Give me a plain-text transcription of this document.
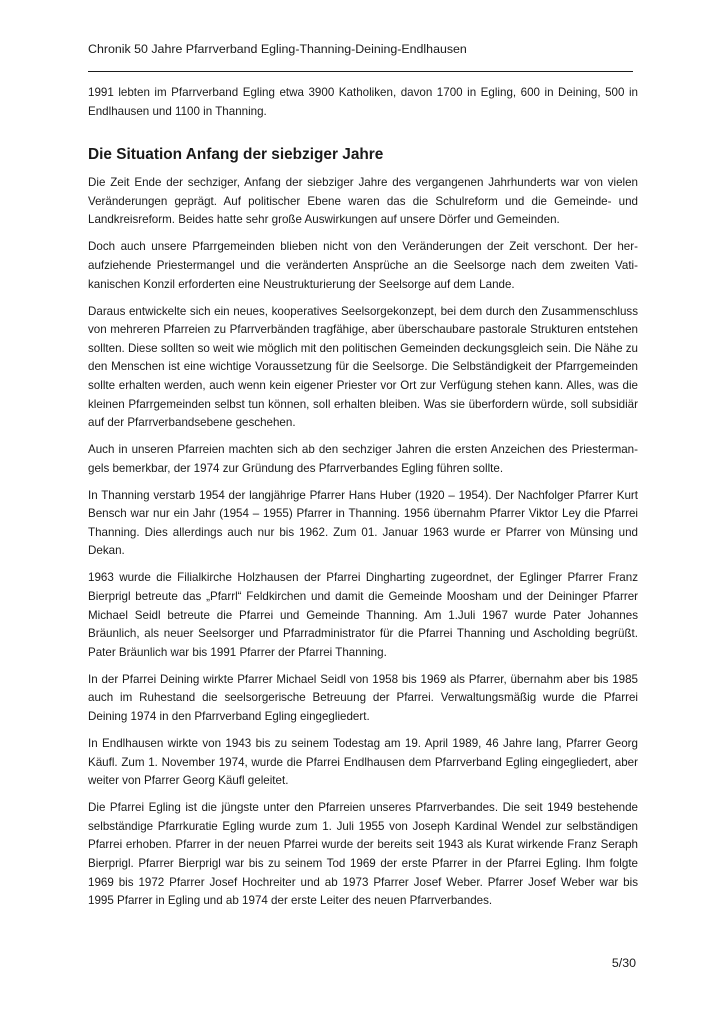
Chronik 50 Jahre Pfarrverband Egling-Thanning-Deining-Endlhausen

1991 lebten im Pfarrverband Egling etwa 3900 Katholiken, davon 1700 in Egling, 600 in Deining, 500 in Endlhausen und 1100 in Thanning.

Die Situation Anfang der siebziger Jahre

Die Zeit Ende der sechziger, Anfang der siebziger Jahre des vergangenen Jahrhunderts war von vielen Veränderungen geprägt. Auf politischer Ebene waren das die Schulreform und die Gemeinde- und Landkreisreform. Beides hatte sehr große Auswirkungen auf unsere Dörfer und Gemeinden.

Doch auch unsere Pfarrgemeinden blieben nicht von den Veränderungen der Zeit verschont. Der heraufziehende Priestermangel und die veränderten Ansprüche an die Seelsorge nach dem zweiten Vatikanischen Konzil erforderten eine Neustrukturierung der Seelsorge auf dem Lande.

Daraus entwickelte sich ein neues, kooperatives Seelsorgekonzept, bei dem durch den Zusammenschluss von mehreren Pfarreien zu Pfarrverbänden tragfähige, aber überschaubare pastorale Strukturen entstehen sollten. Diese sollten so weit wie möglich mit den politischen Gemeinden deckungsgleich sein. Die Nähe zu den Menschen ist eine wichtige Voraussetzung für die Seelsorge. Die Selbständigkeit der Pfarrgemeinden sollte erhalten werden, auch wenn kein eigener Priester vor Ort zur Verfügung stehen kann. Alles, was die kleinen Pfarrgemeinden selbst tun können, soll erhalten bleiben. Was sie überfordern würde, soll subsidiär auf der Pfarrverbandsebene geschehen.

Auch in unseren Pfarreien machten sich ab den sechziger Jahren die ersten Anzeichen des Priestermangels bemerkbar, der 1974 zur Gründung des Pfarrverbandes Egling führen sollte.

In Thanning verstarb 1954 der langjährige Pfarrer Hans Huber (1920 – 1954). Der Nachfolger Pfarrer Kurt Bensch war nur ein Jahr (1954 – 1955) Pfarrer in Thanning. 1956 übernahm Pfarrer Viktor Ley die Pfarrei Thanning. Dies allerdings auch nur bis 1962. Zum 01. Januar 1963 wurde er Pfarrer von Münsing und Dekan.

1963 wurde die Filialkirche Holzhausen der Pfarrei Dingharting zugeordnet, der Eglinger Pfarrer Franz Bierprigl betreute das „Pfarrl“ Feldkirchen und damit die Gemeinde Moosham und der Deininger Pfarrer Michael Seidl betreute die Pfarrei und Gemeinde Thanning. Am 1.Juli 1967 wurde Pater Johannes Bräunlich, als neuer Seelsorger und Pfarradministrator für die Pfarrei Thanning und Ascholding begrüßt. Pater Bräunlich war bis 1991 Pfarrer der Pfarrei Thanning.

In der Pfarrei Deining wirkte Pfarrer Michael Seidl von 1958 bis 1969 als Pfarrer, übernahm aber bis 1985 auch im Ruhestand die seelsorgerische Betreuung der Pfarrei. Verwaltungsmäßig wurde die Pfarrei Deining 1974 in den Pfarrverband Egling eingegliedert.

In Endlhausen wirkte von 1943 bis zu seinem Todestag am 19. April 1989, 46 Jahre lang, Pfarrer Georg Käufl. Zum 1. November 1974, wurde die Pfarrei Endlhausen dem Pfarrverband Egling eingegliedert, aber weiter von Pfarrer Georg Käufl geleitet.

Die Pfarrei Egling ist die jüngste unter den Pfarreien unseres Pfarrverbandes. Die seit 1949 bestehende selbständige Pfarrkuratie Egling wurde zum 1. Juli 1955 von Joseph Kardinal Wendel zur selbständigen Pfarrei erhoben. Pfarrer in der neuen Pfarrei wurde der bereits seit 1943 als Kurat wirkende Franz Seraph Bierprigl. Pfarrer Bierprigl war bis zu seinem Tod 1969 der erste Pfarrer in der Pfarrei Egling. Ihm folgte 1969 bis 1972 Pfarrer Josef Hochreiter und ab 1973 Pfarrer Josef Weber. Pfarrer Josef Weber war bis 1995 Pfarrer in Egling und ab 1974 der erste Leiter des neuen Pfarrverbandes.

5/30
